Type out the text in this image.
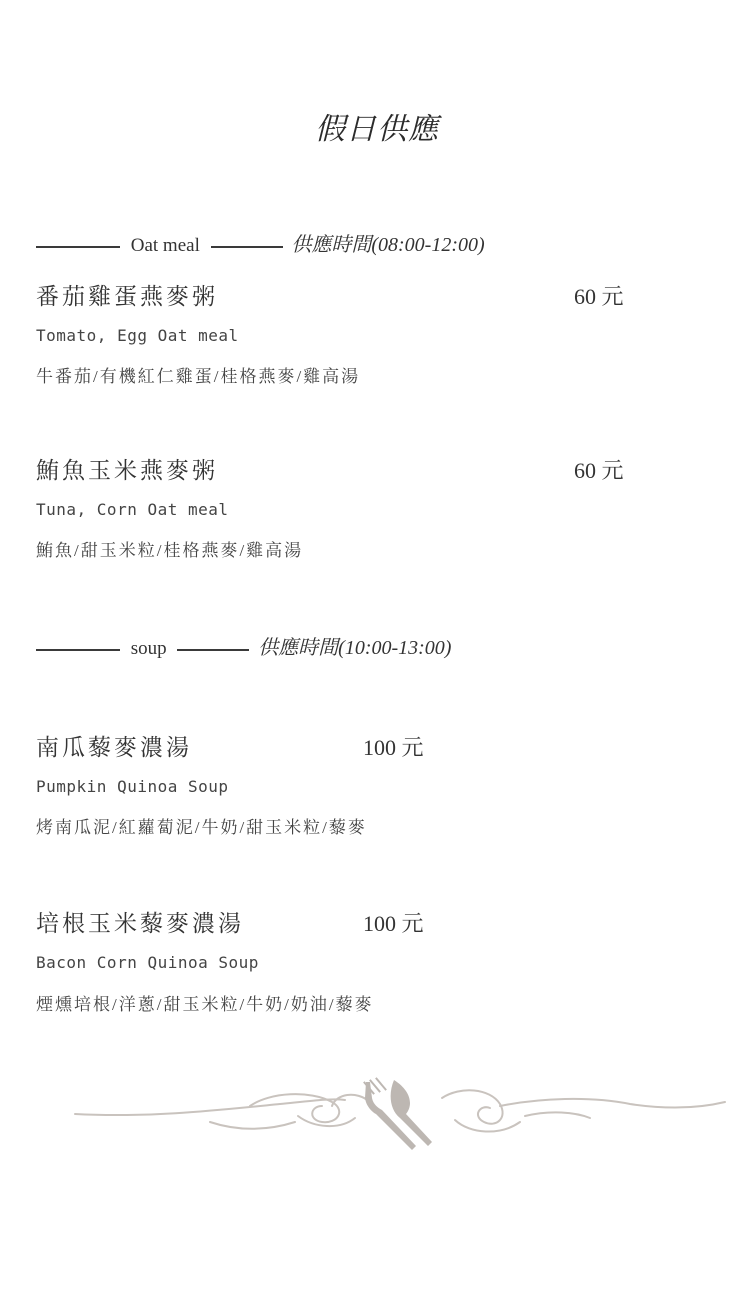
假日供應
Oat meal	供應時間(08:00-12:00)
番茄雞蛋燕麥粥	60 元
Tomato, Egg Oat meal
牛番茄/有機紅仁雞蛋/桂格燕麥/雞高湯
鮪魚玉米燕麥粥	60 元
Tuna, Corn Oat meal
鮪魚/甜玉米粒/桂格燕麥/雞高湯
soup	供應時間(10:00-13:00)
南瓜藜麥濃湯	100 元
Pumpkin Quinoa Soup
烤南瓜泥/紅蘿蔔泥/牛奶/甜玉米粒/藜麥
培根玉米藜麥濃湯	100 元
Bacon Corn Quinoa Soup
煙燻培根/洋蔥/甜玉米粒/牛奶/奶油/藜麥
